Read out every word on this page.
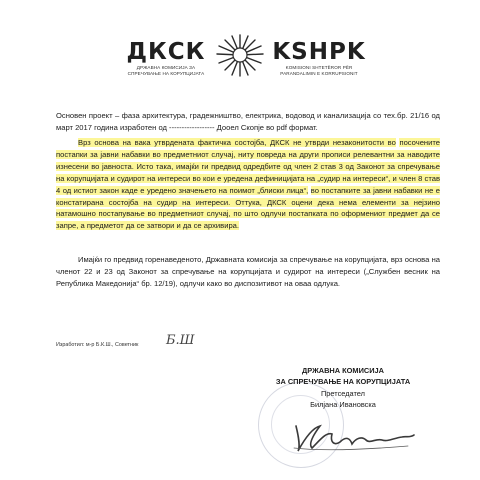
ДКСК
ДРЖАВНА КОМИСИЈА ЗА
СПРЕЧУВАЊЕ НА КОРУПЦИЈАТА
KSHPK
KOMISIONI SHTETËROR PËR
PARANDALIMIN E KORRUPSIONIT
Основен проект – фаза архитектура, градежништво, електрика, водовод и канализација со тех.бр. 21/16 од март 2017 година изработен од ------------------ Дооел Скопје во pdf формат.
Врз основа на вака утврдената фактичка состојба, ДКСК не утврди незаконитости во посочените постапки за јавни набавки во предметниот случај, ниту повреда на други прописи релевантни за наводите изнесени во јавноста. Исто така, имајќи ги предвид одредбите од член 2 став 3 од Законот за спречување на корупцијата и судирот на интереси во кои е уредена дефиницијата на „судир на интереси“, и член 8 став 4 од истиот закон каде е уредено значењето на поимот „блиски лица“, во постапките за јавни набавки не е констатирана состојба на судир на интереси. Оттука, ДКСК оцени дека нема елементи за нејзино натамошно постапување во предметниот случај, по што одлучи постапката по оформениот предмет да се запре, а предметот да се затвори и да се архивира.
Имајќи го предвид горенаведеното, Државната комисија за спречување на корупцијата, врз основа на членот 22 и 23 од Законот за спречување на корупцијата и судирот на интереси („Службен весник на Република Македонија“ бр. 12/19), одлучи како во диспозитивот на оваа одлука.
Изработил: м-р Б.К.Ш., Советник Б.Ш
ДРЖАВНА КОМИСИЈА
ЗА СПРЕЧУВАЊЕ НА КОРУПЦИЈАТА
Претседател
Билјана Ивановска
